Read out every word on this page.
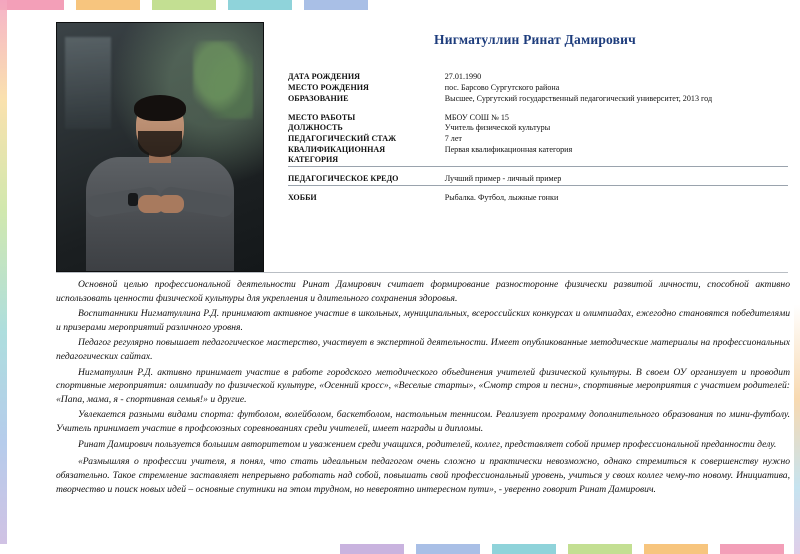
Нигматуллин Ринат Дамирович
ДАТА РОЖДЕНИЯ	27.01.1990
МЕСТО РОЖДЕНИЯ	пос. Барсово Сургутского района
ОБРАЗОВАНИЕ	Высшее, Сургутский государственный педагогический университет, 2013 год

МЕСТО РАБОТЫ	МБОУ СОШ № 15
ДОЛЖНОСТЬ	Учитель физической культуры
ПЕДАГОГИЧЕСКИЙ СТАЖ	7 лет
КВАЛИФИКАЦИОННАЯ КАТЕГОРИЯ	Первая квалификационная категория

ПЕДАГОГИЧЕСКОЕ КРЕДО	Лучший пример - личный пример

ХОББИ	Рыбалка. Футбол, лыжные гонки

Основной целью профессиональной деятельности Ринат Дамирович считает формирование разносторонне физически развитой личности, способной активно использовать ценности физической культуры для укрепления и длительного сохранения здоровья.

Воспитанники Нигматуллина Р.Д. принимают активное участие в школьных, муниципальных, всероссийских конкурсах и олимпиадах, ежегодно становятся победителями и призерами мероприятий различного уровня.

Педагог регулярно повышает педагогическое мастерство, участвует в экспертной деятельности. Имеет опубликованные методические материалы на профессиональных педагогических сайтах.

Нигматуллин Р.Д. активно принимает участие в работе городского методического объединения учителей физической культуры. В своем ОУ организует и проводит спортивные мероприятия: олимпиаду по физической культуре, «Осенний кросс», «Веселые старты», «Смотр строя и песни», спортивные мероприятия с участием родителей: «Папа, мама, я - спортивная семья!» и другие.

Увлекается разными видами спорта: футболом, волейболом, баскетболом, настольным теннисом. Реализует программу дополнительного образования по мини-футболу. Учитель принимает участие в профсоюзных соревнованиях среди учителей, имеет награды и дипломы.

Ринат Дамирович пользуется большим авторитетом и уважением среди учащихся, родителей, коллег, представляет собой пример профессиональной преданности делу.

«Размышляя о профессии учителя, я понял, что стать идеальным педагогом очень сложно и практически невозможно, однако стремиться к совершенству нужно обязательно. Такое стремление заставляет непрерывно работать над собой, повышать свой профессиональный уровень, учиться у своих коллег чему-то новому. Инициатива, творчество и поиск новых идей – основные спутники на этом трудном, но невероятно интересном пути», - уверенно говорит Ринат Дамирович.
